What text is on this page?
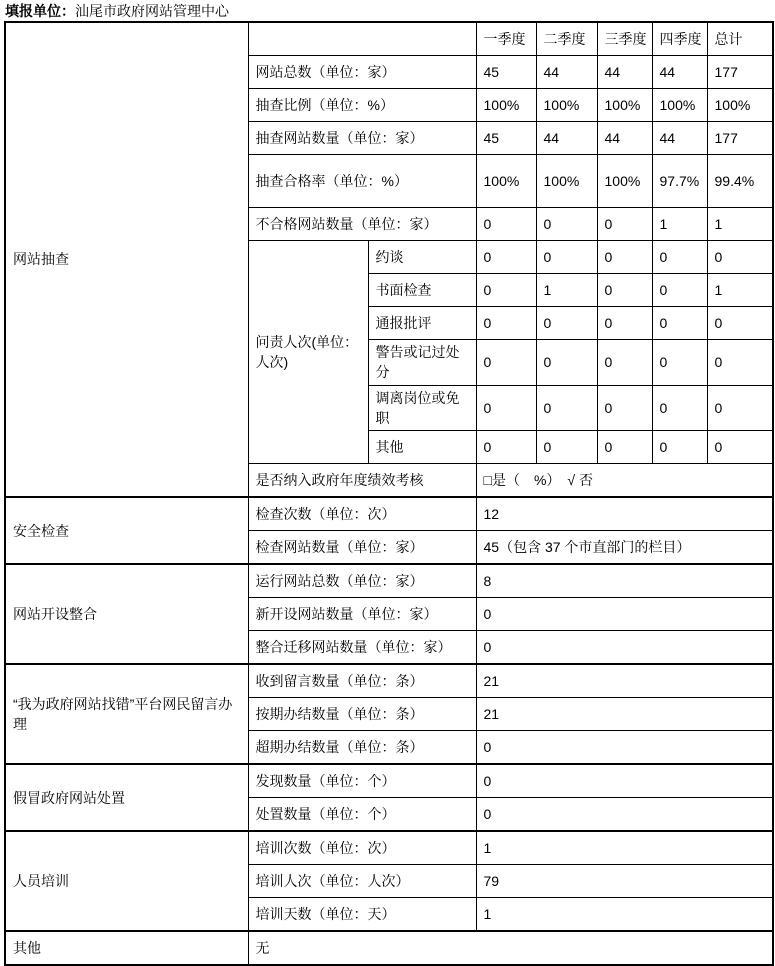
填报单位：汕尾市政府网站管理中心
网站抽查			一季度	二季度	三季度	四季度	总计
	网站总数（单位：家）		45	44	44	44	177
	抽查比例（单位：%）		100%	100%	100%	100%	100%
	抽查网站数量（单位：家）		45	44	44	44	177
	抽查合格率（单位：%）		100%	100%	100%	97.7%	99.4%
	不合格网站数量（单位：家）		0	0	0	1	1
	问责人次(单位：人次)	约谈	0	0	0	0	0
		书面检查	0	1	0	0	1
		通报批评	0	0	0	0	0
		警告或记过处分	0	0	0	0	0
		调离岗位或免职	0	0	0	0	0
		其他	0	0	0	0	0
	是否纳入政府年度绩效考核		□是（　%）　√ 否				
安全检查	检查次数（单位：次）		12				
	检查网站数量（单位：家）		45（包含 37 个市直部门的栏目）				
网站开设整合	运行网站总数（单位：家）		8				
	新开设网站数量（单位：家）		0				
	整合迁移网站数量（单位：家）		0				
“我为政府网站找错”平台网民留言办理	收到留言数量（单位：条）		21				
	按期办结数量（单位：条）		21				
	超期办结数量（单位：条）		0				
假冒政府网站处置	发现数量（单位：个）		0				
	处置数量（单位：个）		0				
人员培训	培训次数（单位：次）		1				
	培训人次（单位：人次）		79				
	培训天数（单位：天）		1				
其他	无						
